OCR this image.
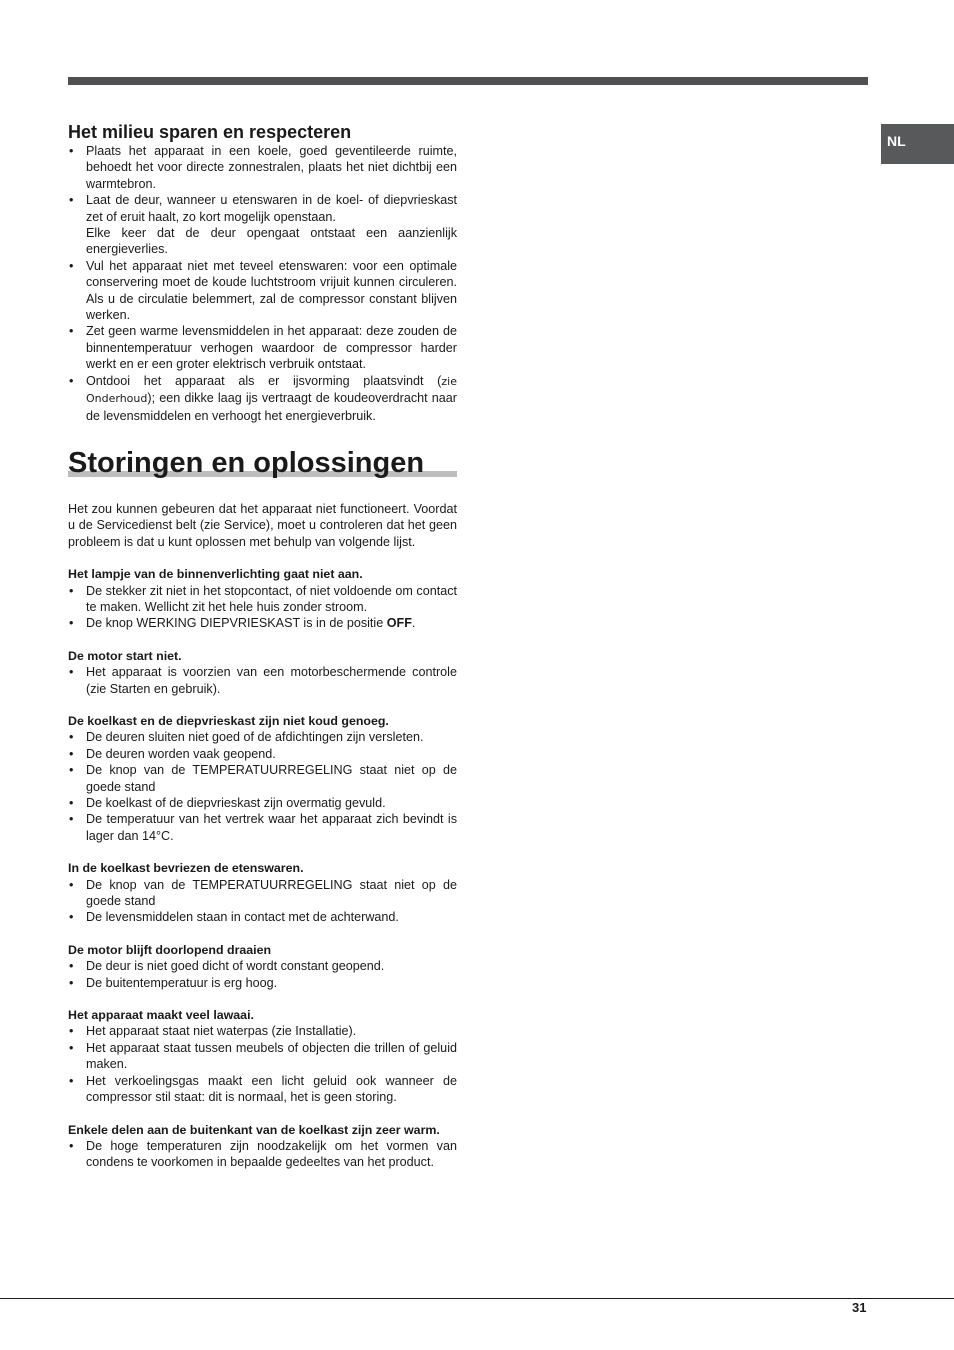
NL
Het milieu sparen en respecteren
• Plaats het apparaat in een koele, goed geventileerde ruimte, behoedt het voor directe zonnestralen, plaats het niet dichtbij een warmtebron.
• Laat de deur, wanneer u etenswaren in de koel- of diepvrieskast zet of eruit haalt, zo kort mogelijk openstaan.
Elke keer dat de deur opengaat ontstaat een aanzienlijk energieverlies.
• Vul het apparaat niet met teveel etenswaren: voor een optimale conservering moet de koude luchtstroom vrijuit kunnen circuleren. Als u de circulatie belemmert, zal de compressor constant blijven werken.
• Zet geen warme levensmiddelen in het apparaat: deze zouden de binnentemperatuur verhogen waardoor de compressor harder werkt en er een groter elektrisch verbruik ontstaat.
• Ontdooi het apparaat als er ijsvorming plaatsvindt (zie Onderhoud); een dikke laag ijs vertraagt de koudeoverdracht naar de levensmiddelen en verhoogt het energieverbruik.
Storingen en oplossingen
Het zou kunnen gebeuren dat het apparaat niet functioneert. Voordat u de Servicedienst belt (zie Service), moet u controleren dat het geen probleem is dat u kunt oplossen met behulp van volgende lijst.
Het lampje van de binnenverlichting gaat niet aan.
• De stekker zit niet in het stopcontact, of niet voldoende om contact te maken. Wellicht zit het hele huis zonder stroom.
• De knop WERKING DIEPVRIESKAST is in de positie OFF.
De motor start niet.
• Het apparaat is voorzien van een motorbeschermende controle (zie Starten en gebruik).
De koelkast en de diepvrieskast zijn niet koud genoeg.
• De deuren sluiten niet goed of de afdichtingen zijn versleten.
• De deuren worden vaak geopend.
• De knop van de TEMPERATUURREGELING staat niet op de goede stand
• De koelkast of de diepvrieskast zijn overmatig gevuld.
• De temperatuur van het vertrek waar het apparaat zich bevindt is lager dan 14°C.
In de koelkast bevriezen de etenswaren.
• De knop van de TEMPERATUURREGELING staat niet op de goede stand
• De levensmiddelen staan in contact met de achterwand.
De motor blijft doorlopend draaien
• De deur is niet goed dicht of wordt constant geopend.
• De buitentemperatuur is erg hoog.
Het apparaat maakt veel lawaai.
• Het apparaat staat niet waterpas (zie Installatie).
• Het apparaat staat tussen meubels of objecten die trillen of geluid maken.
• Het verkoelingsgas maakt een licht geluid ook wanneer de compressor stil staat: dit is normaal, het is geen storing.
Enkele delen aan de buitenkant van de koelkast zijn zeer warm.
• De hoge temperaturen zijn noodzakelijk om het vormen van condens te voorkomen in bepaalde gedeeltes van het product.
31
